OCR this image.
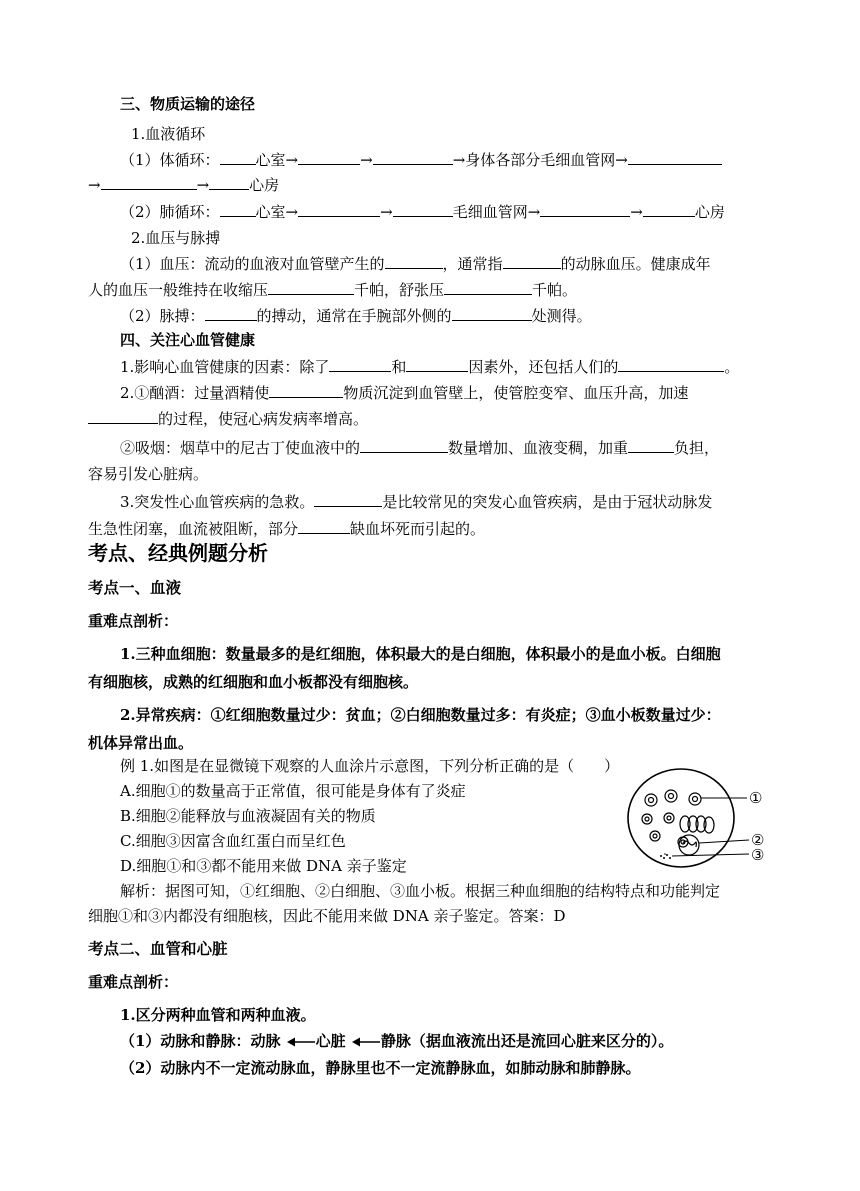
三、物质运输的途径
1.血液循环
（1）体循环： 心室→	→	→身体各部分毛细血管网→
→	→	心房
（2）肺循环： 心室→	→	毛细血管网→	→	心房
2.血压与脉搏
（1）血压：流动的血液对血管壁产生的	，通常指	的动脉血压。健康成年
人的血压一般维持在收缩压	千帕，舒张压	千帕。
（2）脉搏：	的搏动，通常在手腕部外侧的	处测得。
四、关注心血管健康
1.影响心血管健康的因素：除了	和	因素外，还包括人们的	。
2.①酗酒：过量酒精使	物质沉淀到血管壁上，使管腔变窄、血压升高，加速
的过程，使冠心病发病率增高。
②吸烟：烟草中的尼古丁使血液中的	数量增加、血液变稠，加重	负担，
容易引发心脏病。
3.突发性心血管疾病的急救。	是比较常见的突发心血管疾病，是由于冠状动脉发
生急性闭塞，血流被阻断，部分	缺血坏死而引起的。
考点、经典例题分析
考点一、血液
重难点剖析：
1.三种血细胞：数量最多的是红细胞，体积最大的是白细胞，体积最小的是血小板。白细胞
有细胞核，成熟的红细胞和血小板都没有细胞核。
2.异常疾病：①红细胞数量过少：贫血；②白细胞数量过多：有炎症；③血小板数量过少：
机体异常出血。
例 1.如图是在显微镜下观察的人血涂片示意图，下列分析正确的是（　　）
A.细胞①的数量高于正常值，很可能是身体有了炎症
B.细胞②能释放与血液凝固有关的物质
C.细胞③因富含血红蛋白而呈红色
D.细胞①和③都不能用来做 DNA 亲子鉴定
解析：据图可知，①红细胞、②白细胞、③血小板。根据三种血细胞的结构特点和功能判定
细胞①和③内都没有细胞核，因此不能用来做 DNA 亲子鉴定。答案：D
①
②
③
考点二、血管和心脏
重难点剖析：
1.区分两种血管和两种血液。
（1）动脉和静脉：动脉 心脏 静脉（据血液流出还是流回心脏来区分的）。
（2）动脉内不一定流动脉血，静脉里也不一定流静脉血，如肺动脉和肺静脉。
